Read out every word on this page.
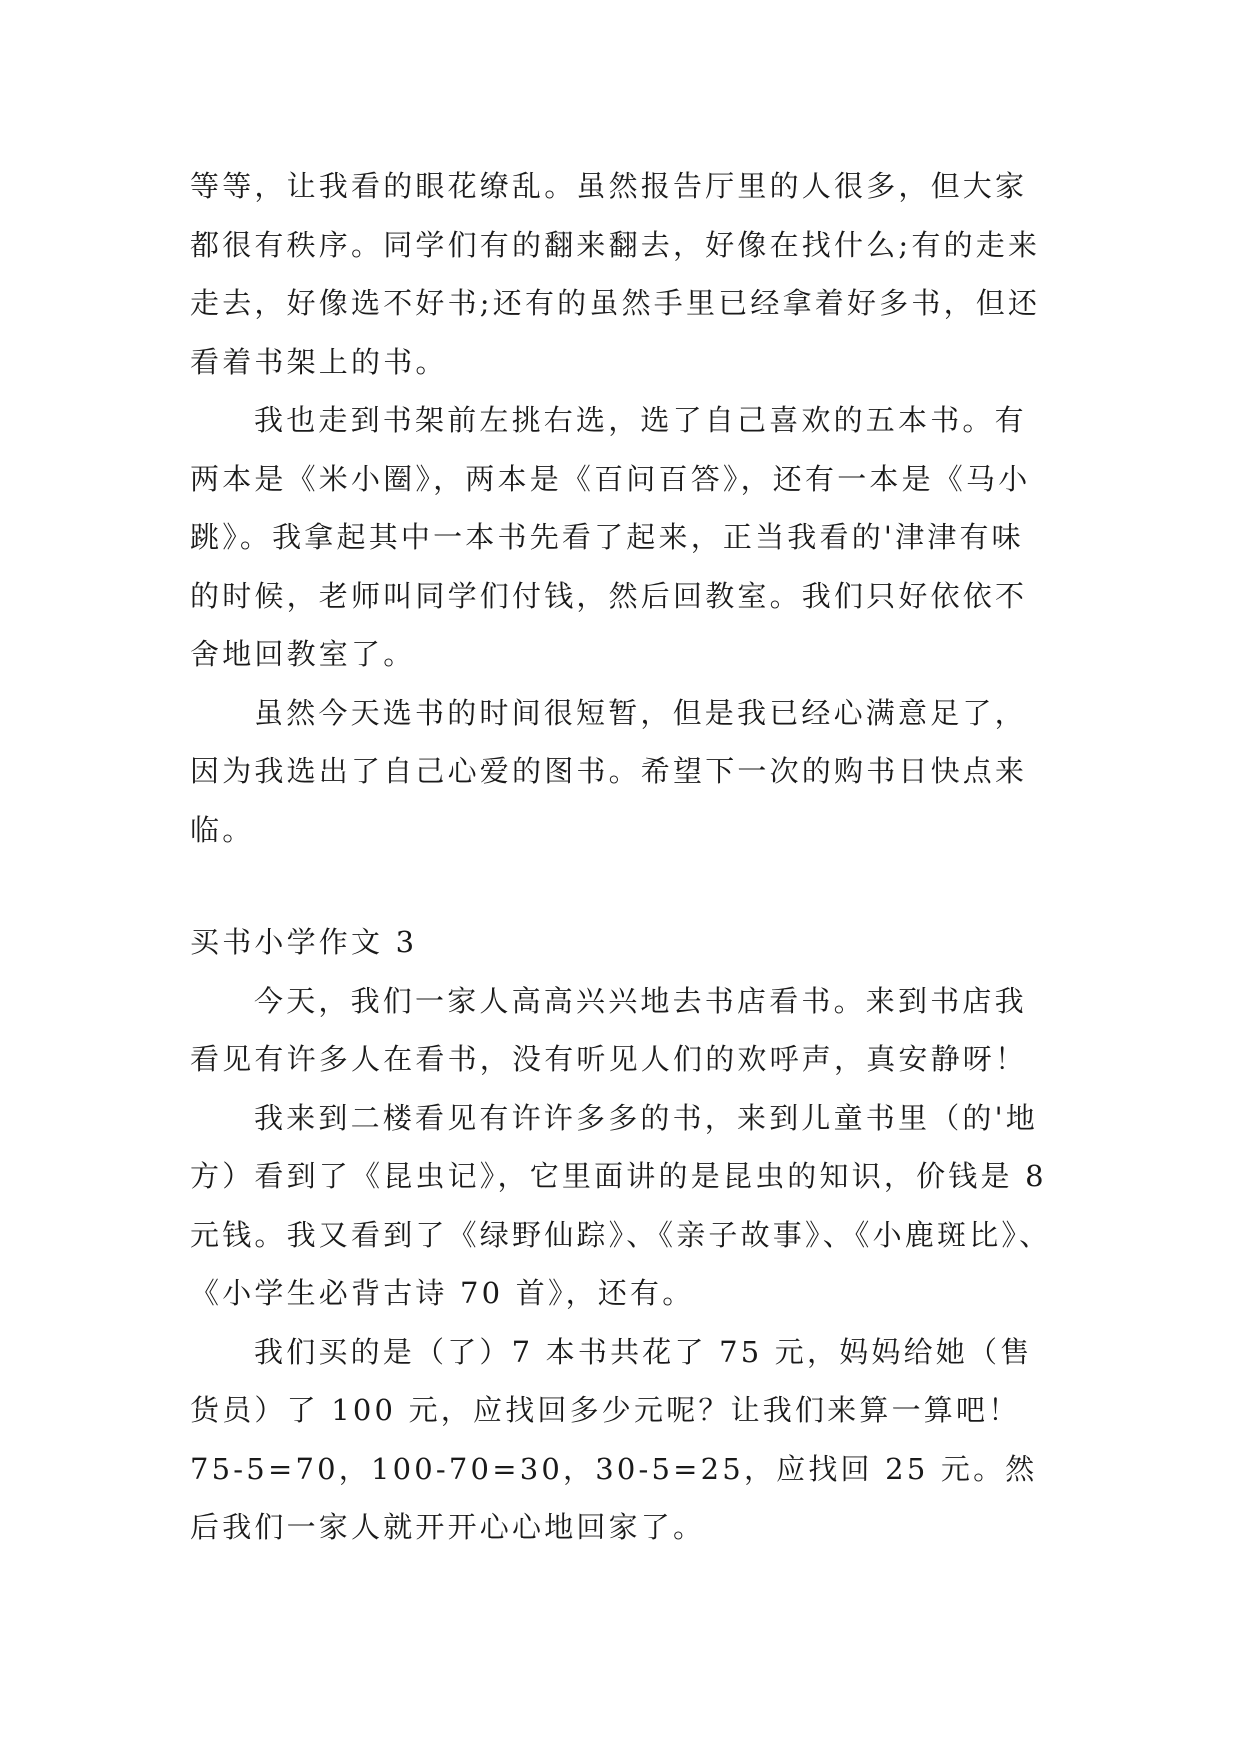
等等，让我看的眼花缭乱。虽然报告厅里的人很多，但大家都很有秩序。同学们有的翻来翻去，好像在找什么;有的走来走去，好像选不好书;还有的虽然手里已经拿着好多书，但还看着书架上的书。

我也走到书架前左挑右选，选了自己喜欢的五本书。有两本是《米小圈》，两本是《百问百答》，还有一本是《马小跳》。我拿起其中一本书先看了起来，正当我看的'津津有味的时候，老师叫同学们付钱，然后回教室。我们只好依依不舍地回教室了。

虽然今天选书的时间很短暂，但是我已经心满意足了，因为我选出了自己心爱的图书。希望下一次的购书日快点来临。

买书小学作文 3

今天，我们一家人高高兴兴地去书店看书。来到书店我看见有许多人在看书，没有听见人们的欢呼声，真安静呀！

我来到二楼看见有许许多多的书，来到儿童书里（的'地方）看到了《昆虫记》，它里面讲的是昆虫的知识，价钱是 8 元钱。我又看到了《绿野仙踪》、《亲子故事》、《小鹿斑比》、《小学生必背古诗 70 首》，还有。

我们买的是（了）7 本书共花了 75 元，妈妈给她（售货员）了 100 元，应找回多少元呢？让我们来算一算吧！75-5=70，100-70=30，30-5=25，应找回 25 元。然后我们一家人就开开心心地回家了。
